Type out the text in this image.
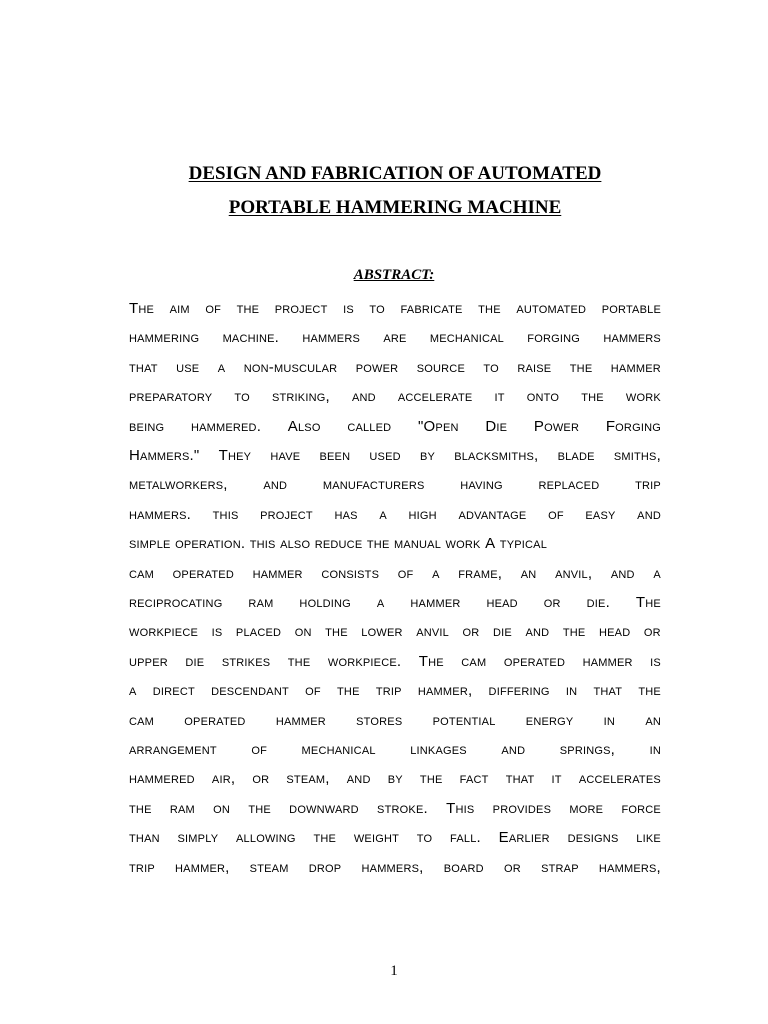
DESIGN AND FABRICATION OF AUTOMATED
PORTABLE HAMMERING MACHINE
ABSTRACT:
The aim of the project is to fabricate the automated portable
hammering machine. hammers are mechanical forging hammers
that use a non-muscular power source to raise the hammer
preparatory to striking, and accelerate it onto the work
being hammered. Also called "Open Die Power Forging
Hammers." They have been used by blacksmiths, blade smiths,
metalworkers, and manufacturers having replaced trip
hammers. this project has a high advantage of easy and
simple operation. this also reduce the manual work A typical
cam operated hammer consists of a frame, an anvil, and a
reciprocating ram holding a hammer head or die. The
workpiece is placed on the lower anvil or die and the head or
upper die strikes the workpiece. The cam operated hammer is
a direct descendant of the trip hammer, differing in that the
cam operated hammer stores potential energy in an
arrangement of mechanical linkages and springs, in
hammered air, or steam, and by the fact that it accelerates
the ram on the downward stroke. This provides more force
than simply allowing the weight to fall. Earlier designs like
trip hammer, steam drop hammers, board or strap hammers,
1
